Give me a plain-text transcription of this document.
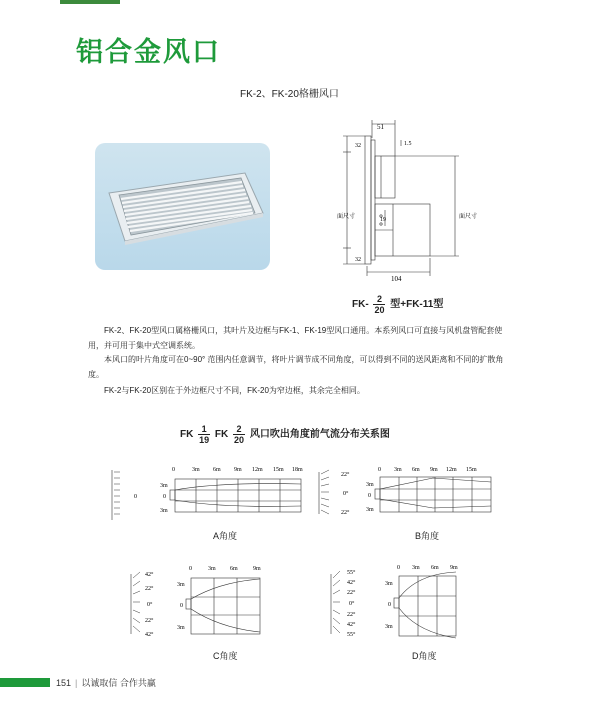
铝合金风口
FK-2、FK-20格栅风口
51
32	1.5
面尺寸	面尺寸
19
32
104
$FK- \frac{2}{20}$ 型+FK-11型
FK-2、FK-20型风口属格栅风口，其叶片及边框与FK-1、FK-19型风口通用。本系列风口可直接与风机盘管配套使用，并可用于集中式空调系统。
本风口的叶片角度可在0~90° 范围内任意调节，将叶片调节成不同角度，可以得到不同的送风距离和不同的扩散角度。
FK-2与FK-20区别在于外边框尺寸不同，FK-20为窄边框，其余完全相同。
FK $\frac{1}{19}$ FK $\frac{2}{20}$ 风口吹出角度前气流分布关系图
0
0	3m 6m 9m 12m 15m 18m
3m
0
3m
A角度
22°
0°
22°
0 3m 6m 9m 12m 15m
3m
0
3m
B角度
42°
22°
0°
22°
42°
0	3m 6m	9m
3m
0
3m
C角度
55°
42°
22°
0°
22°
42°
55°
0 3m 6m 9m
3m
0
3m
D角度
151 | 以诚取信 合作共赢
